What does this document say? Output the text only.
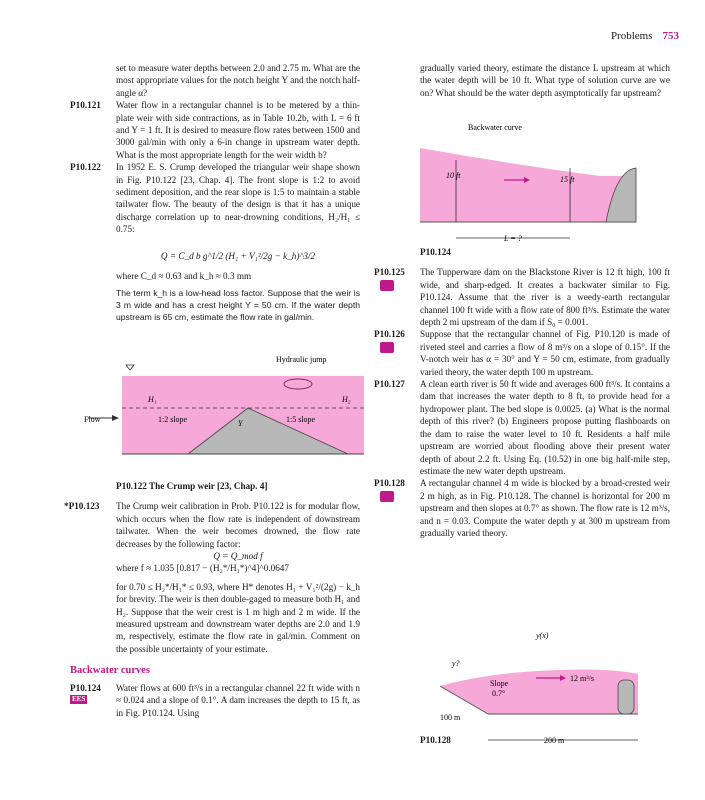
Problems 753

set to measure water depths between 2.0 and 2.75 m. What are the most appropriate values for the notch height Y and the notch half-angle α?

P10.121 Water flow in a rectangular channel is to be metered by a thin-plate weir with side contractions, as in Table 10.2b, with L = 6 ft and Y = 1 ft. It is desired to measure flow rates between 1500 and 3000 gal/min with only a 6-in change in upstream water depth. What is the most appropriate length for the weir width b?

P10.122 In 1952 E. S. Crump developed the triangular weir shape shown in Fig. P10.122 [23, Chap. 4]. The front slope is 1:2 to avoid sediment deposition, and the rear slope is 1:5 to maintain a stable tailwater flow. The beauty of the design is that it has a unique discharge correlation up to near-drowning conditions, H₂/H₁ ≤ 0.75:

Q = C_d b g^1/2 (H₁ + V₁²/2g − k_h)^3/2

where C_d ≈ 0.63 and k_h ≈ 0.3 mm

The term k_h is a low-head loss factor. Suppose that the weir is 3 m wide and has a crest height Y = 50 cm. If the water depth upstream is 65 cm, estimate the flow rate in gal/min.

Flow
H₁	H₂
Hydraulic jump
1:2 slope	1:5 slope
Y

P10.122 The Crump weir [23, Chap. 4]

*P10.123 The Crump weir calibration in Prob. P10.122 is for modular flow, which occurs when the flow rate is independent of downstream tailwater. When the weir becomes drowned, the flow rate decreases by the following factor:

Q = Q_mod f

where f ≈ 1.035 [0.817 − (H₂*/H₁*)^4]^0.0647

for 0.70 ≤ H₂*/H₁* ≤ 0.93, where H* denotes H₁ + V₁²/(2g) − k_h for brevity. The weir is then double-gaged to measure both H₁ and H₂. Suppose that the weir crest is 1 m high and 2 m wide. If the measured upstream and downstream water depths are 2.0 and 1.9 m, respectively, estimate the flow rate in gal/min. Comment on the possible uncertainty of your estimate.

Backwater curves

P10.124
EES

Water flows at 600 ft³/s in a rectangular channel 22 ft wide with n ≈ 0.024 and a slope of 0.1°. A dam increases the depth to 15 ft, as in Fig. P10.124. Using

gradually varied theory, estimate the distance L upstream at which the water depth will be 10 ft. What type of solution curve are we on? What should be the water depth asymptotically far upstream?

Backwater curve
10 ft	15 ft
L = ?

P10.124

P10.125 The Tupperware dam on the Blackstone River is 12 ft high, 100 ft wide, and sharp-edged. It creates a backwater similar to Fig. P10.124. Assume that the river is a weedy-earth rectangular channel 100 ft wide with a flow rate of 800 ft³/s. Estimate the water depth 2 mi upstream of the dam if S₀ = 0.001.

P10.126 Suppose that the rectangular channel of Fig. P10.120 is made of riveted steel and carries a flow of 8 m³/s on a slope of 0.15°. If the V-notch weir has α = 30° and Y = 50 cm, estimate, from gradually varied theory, the water depth 100 m upstream.

P10.127 A clean earth river is 50 ft wide and averages 600 ft³/s. It contains a dam that increases the water depth to 8 ft, to provide head for a hydropower plant. The bed slope is 0.0025. (a) What is the normal depth of this river? (b) Engineers propose putting flashboards on the dam to raise the water level to 10 ft. Residents a half mile upstream are worried about flooding above their present water depth of about 2.2 ft. Using Eq. (10.52) in one big half-mile step, estimate the new water depth upstream.

P10.128 A rectangular channel 4 m wide is blocked by a broad-crested weir 2 m high, as in Fig. P10.128. The channel is horizontal for 200 m upstream and then slopes at 0.7° as shown. The flow rate is 12 m³/s, and n = 0.03. Compute the water depth y at 300 m upstream from gradually varied theory.

y(x)
y?
Slope
0.7°
12 m³/s
100 m
200 m

P10.128
